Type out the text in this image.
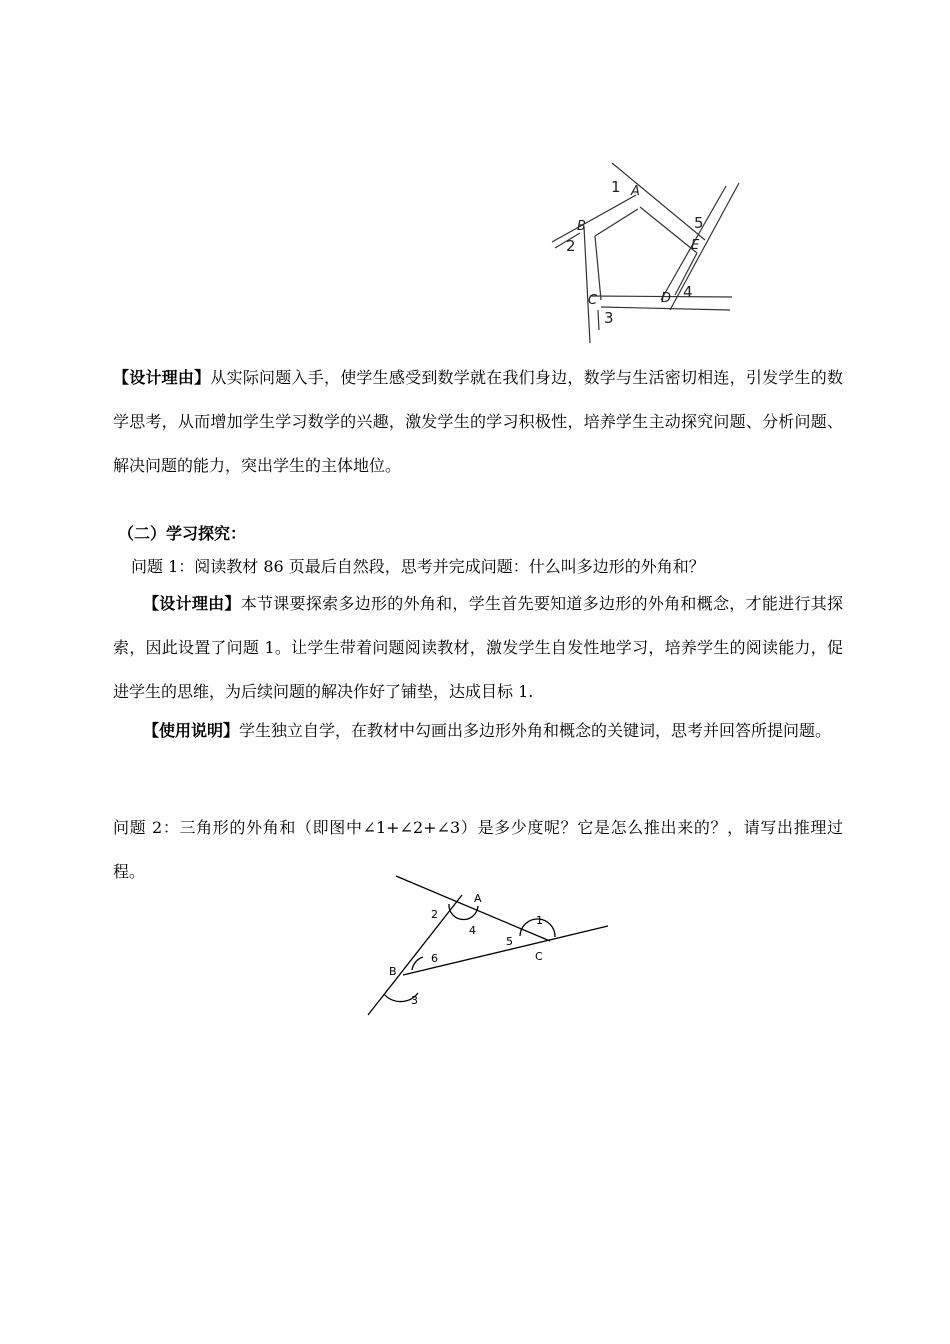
A
B
C	D
E
1
2
3
4
5

【设计理由】从实际问题入手，使学生感受到数学就在我们身边，数学与生活密切相连，引发学生的数学思考，从而增加学生学习数学的兴趣，激发学生的学习积极性，培养学生主动探究问题、分析问题、解决问题的能力，突出学生的主体地位。

（二）学习探究：

问题 1：阅读教材 86 页最后自然段，思考并完成问题：什么叫多边形的外角和？

【设计理由】本节课要探索多边形的外角和，学生首先要知道多边形的外角和概念，才能进行其探索，因此设置了问题 1。让学生带着问题阅读教材，激发学生自发性地学习，培养学生的阅读能力，促进学生的思维，为后续问题的解决作好了铺垫，达成目标 1.

【使用说明】学生独立自学，在教材中勾画出多边形外角和概念的关键词，思考并回答所提问题。

问题 2：三角形的外角和（即图中∠1+∠2+∠3）是多少度呢？它是怎么推出来的？，请写出推理过程。

A
B
C
1
2
3
4
5
6
